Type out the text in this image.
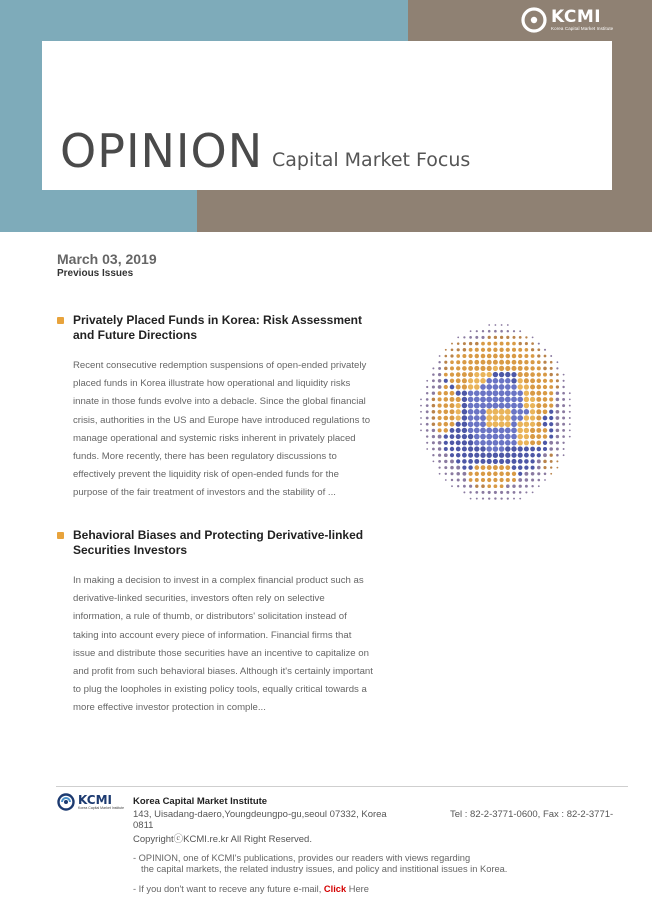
KCMI
Korea Capital Market Institute
OPINION Capital Market Focus
March 03, 2019
Previous Issues
Privately Placed Funds in Korea: Risk Assessment
and Future Directions
Recent consecutive redemption suspensions of open-ended privately placed funds in Korea illustrate how operational and liquidity risks innate in those funds evolve into a debacle. Since the global financial crisis, authorities in the US and Europe have introduced regulations to manage operational and systemic risks inherent in privately placed funds. More recently, there has been regulatory discussions to effectively prevent the liquidity risk of open-ended funds for the purpose of the fair treatment of investors and the stability of ...
Behavioral Biases and Protecting Derivative-linked
Securities Investors
In making a decision to invest in a complex financial product such as derivative-linked securities, investors often rely on selective information, a rule of thumb, or distributors' solicitation instead of taking into account every piece of information. Financial firms that issue and distribute those securities have an incentive to capitalize on and profit from such behavioral biases. Although it's certainly important to plug the loopholes in existing policy tools, equally critical towards a more effective investor protection in comple...
KCMI
Korea Capital Market Institute
Korea Capital Market Institute
143, Uisadang-daero,Youngdeungpo-gu,seoul 07332, Korea	Tel : 82-2-3771-0600, Fax : 82-2-3771-
0811
CopyrightⓒKCMI.re.kr All Right Reserved.
- OPINION, one of KCMI's publications, provides our readers with views regarding
the capital markets, the related industry issues, and policy and institional issues in Korea.
- If you don't want to receve any future e-mail, Click Here
